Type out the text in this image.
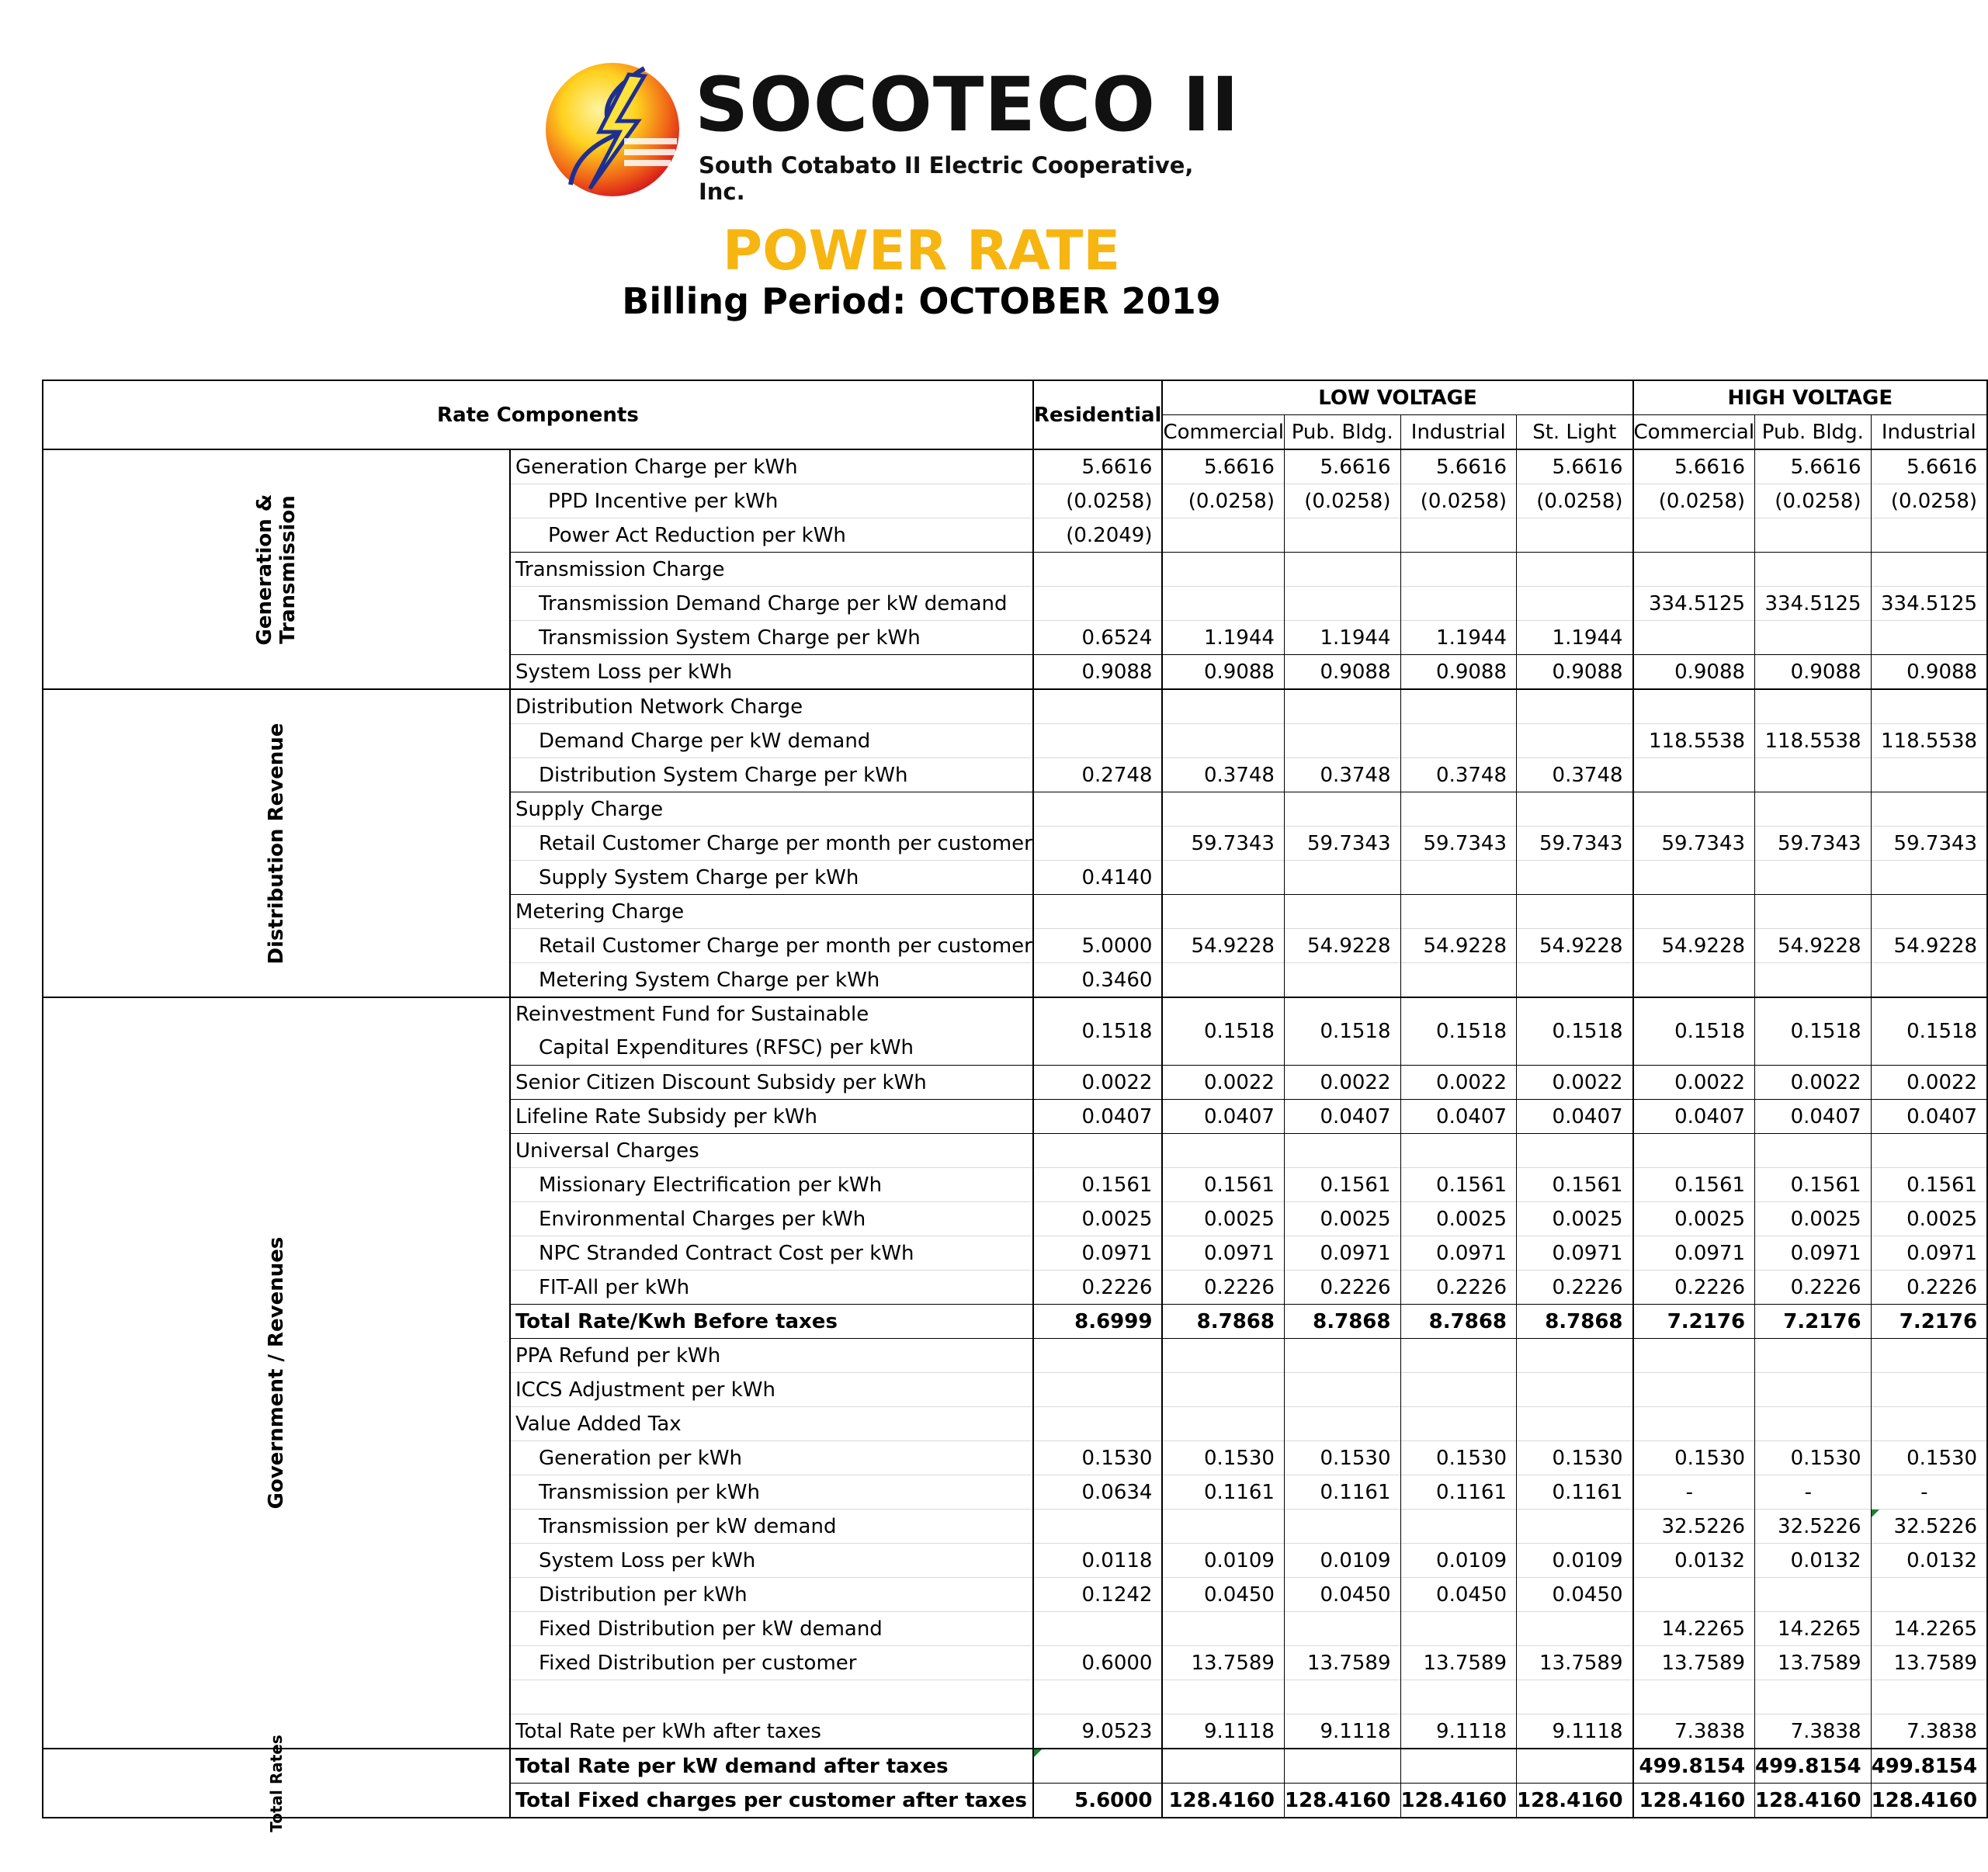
SOCOTECO II
South Cotabato II Electric Cooperative, Inc.
POWER RATE
Billing Period: OCTOBER 2019
Rate Components		Residential	LOW VOLTAGE				HIGH VOLTAGE		
			Commercial	Pub. Bldg.	Industrial	St. Light	Commercial	Pub. Bldg.	Industrial
Generation & Transmission	Generation Charge per kWh	5.6616	5.6616	5.6616	5.6616	5.6616	5.6616	5.6616	5.6616
	PPD Incentive per kWh	(0.0258)	(0.0258)	(0.0258)	(0.0258)	(0.0258)	(0.0258)	(0.0258)	(0.0258)
	Power Act Reduction per kWh	(0.2049)							
	Transmission Charge								
	Transmission Demand Charge per kW demand						334.5125	334.5125	334.5125
	Transmission System Charge per kWh	0.6524	1.1944	1.1944	1.1944	1.1944			
	System Loss per kWh	0.9088	0.9088	0.9088	0.9088	0.9088	0.9088	0.9088	0.9088
Distribution Revenue	Distribution Network Charge								
	Demand Charge per kW demand						118.5538	118.5538	118.5538
	Distribution System Charge per kWh	0.2748	0.3748	0.3748	0.3748	0.3748			
	Supply Charge								
	Retail Customer Charge per month per customer		59.7343	59.7343	59.7343	59.7343	59.7343	59.7343	59.7343
	Supply System Charge per kWh	0.4140							
	Metering Charge								
	Retail Customer Charge per month per customer	5.0000	54.9228	54.9228	54.9228	54.9228	54.9228	54.9228	54.9228
	Metering System Charge per kWh	0.3460							
Government / Revenues	Reinvestment Fund for Sustainable
Capital Expenditures (RFSC) per kWh	0.1518	0.1518	0.1518	0.1518	0.1518	0.1518	0.1518	0.1518
	Senior Citizen Discount Subsidy per kWh	0.0022	0.0022	0.0022	0.0022	0.0022	0.0022	0.0022	0.0022
	Lifeline Rate Subsidy per kWh	0.0407	0.0407	0.0407	0.0407	0.0407	0.0407	0.0407	0.0407
	Universal Charges								
	Missionary Electrification per kWh	0.1561	0.1561	0.1561	0.1561	0.1561	0.1561	0.1561	0.1561
	Environmental Charges per kWh	0.0025	0.0025	0.0025	0.0025	0.0025	0.0025	0.0025	0.0025
	NPC Stranded Contract Cost per kWh	0.0971	0.0971	0.0971	0.0971	0.0971	0.0971	0.0971	0.0971
	FIT-All per kWh	0.2226	0.2226	0.2226	0.2226	0.2226	0.2226	0.2226	0.2226
	Total Rate/Kwh Before taxes	8.6999	8.7868	8.7868	8.7868	8.7868	7.2176	7.2176	7.2176
	PPA Refund per kWh								
	ICCS Adjustment per kWh								
	Value Added Tax								
	Generation per kWh	0.1530	0.1530	0.1530	0.1530	0.1530	0.1530	0.1530	0.1530
	Transmission per kWh	0.0634	0.1161	0.1161	0.1161	0.1161	-	-	-
	Transmission per kW demand						32.5226	32.5226	32.5226
	System Loss per kWh	0.0118	0.0109	0.0109	0.0109	0.0109	0.0132	0.0132	0.0132
	Distribution per kWh	0.1242	0.0450	0.0450	0.0450	0.0450			
	Fixed Distribution per kW demand						14.2265	14.2265	14.2265
	Fixed Distribution per customer	0.6000	13.7589	13.7589	13.7589	13.7589	13.7589	13.7589	13.7589

	Total Rate per kWh after taxes	9.0523	9.1118	9.1118	9.1118	9.1118	7.3838	7.3838	7.3838
Total Rates	Total Rate per kW demand after taxes						499.8154	499.8154	499.8154
	Total Fixed charges per customer after taxes	5.6000	128.4160	128.4160	128.4160	128.4160	128.4160	128.4160	128.4160
